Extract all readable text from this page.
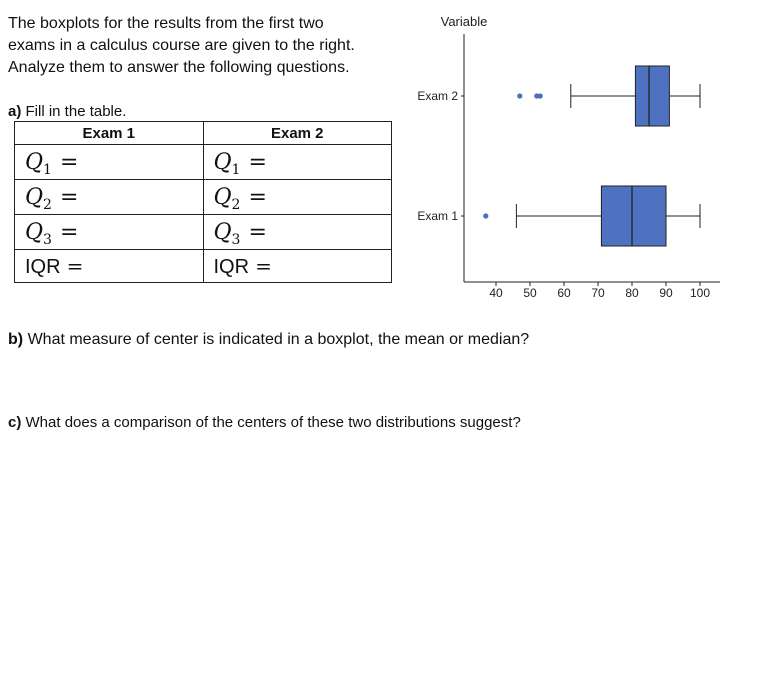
The boxplots for the results from the first two
exams in a calculus course are given to the right.
Analyze them to answer the following questions.
a) Fill in the table.
Exam 1	Exam 2
Q1 =	Q1 =
Q2 =	Q2 =
Q3 =	Q3 =
IQR =	IQR =
Variable
Exam 2
Exam 1
40 50 60 70 80 90 100
b) What measure of center is indicated in a boxplot, the mean or median?
c) What does a comparison of the centers of these two distributions suggest?
